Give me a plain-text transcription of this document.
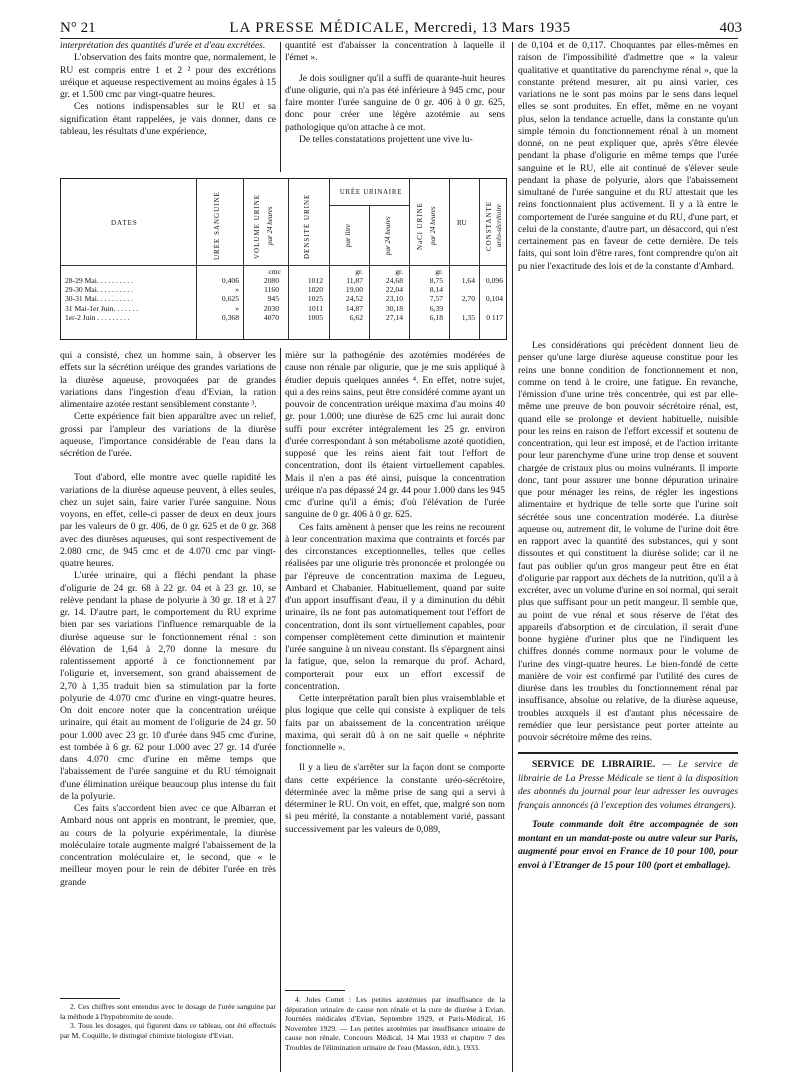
N° 21	LA PRESSE MÉDICALE, Mercredi, 13 Mars 1935	403

interprétation des quantités d'urée et d'eau excrétées.

L'observation des faits montre que, normalement, le RU est compris entre 1 et 2 ² pour des excrétions uréique et aqueuse respectivement au moins égales à 15 gr. et 1.500 cmc par vingt-quatre heures.

Ces notions indispensables sur le RU et sa signification étant rappelées, je vais donner, dans ce tableau, les résultats d'une expérience,

quantité est d'abaisser la concentration à laquelle il l'émet ».

Je dois souligner qu'il a suffi de quarante-huit heures d'une oligurie, qui n'a pas été inférieure à 945 cmc, pour faire monter l'urée sanguine de 0 gr. 406 à 0 gr. 625, donc pour créer une légère azotémie au sens pathologique qu'on attache à ce mot.

De telles constatations projettent une vive lu-

de 0,104 et de 0,117. Choquantes par elles-mêmes en raison de l'impossibilité d'admettre que « la valeur qualitative et quantitative du parenchyme rénal », que la constante prétend mesurer, ait pu ainsi varier, ces variations ne le sont pas moins par le sens dans lequel elles se sont produites. En effet, même en ne voyant plus, selon la tendance actuelle, dans la constante qu'un simple témoin du fonctionnement rénal à un moment donné, on ne peut expliquer que, après s'être élevée pendant la phase d'oligurie en même temps que l'urée sanguine et le RU, elle ait continué de s'élever seule pendant la phase de polyurie, alors que l'abaissement simultané de l'urée sanguine et du RU attestait que les reins fonctionnaient plus activement. Il y a là entre le comportement de l'urée sanguine et du RU, d'une part, et celui de la constante, d'autre part, un désaccord, qui n'est certainement pas en faveur de cette dernière. De tels faits, qui sont loin d'être rares, font comprendre qu'on ait pu nier l'exactitude des lois et de la constante d'Ambard.

DATES	URÉE SANGUINE	VOLUME URINE par 24 heures	DENSITÉ URINE
URÉE URINAIRE
par litre	par 24 heures	NaCl URINE par 24 heures	RU	CONSTANTE uréo-sécrétoire
cmc	gr.	gr.	gr.
28-29 Mai. . . . . . . . . .	0,406	2080	1012	11,87	24,68	8,75	1,64	0,096
29-30 Mai. . . . . . . . . .	»	1160	1020	19,00	22,04	8,14
30-31 Mai. . . . . . . . . .	0,625	945	1025	24,52	23,10	7,57	2,70	0,104
31 Mai-1er Juin. . . . . . .	»	2030	1011	14,87	30,18	6,39
1er-2 Juin . . . . . . . . .	0,368	4070	1005	6,62	27,14	6,18	1,35	0 117

qui a consisté, chez un homme sain, à observer les effets sur la sécrétion uréique des grandes variations de la diurèse aqueuse, provoquées par de grandes variations dans l'ingestion d'eau d'Evian, la ration alimentaire azotée restant sensiblement constante ³.

Cette expérience fait bien apparaître avec un relief, grossi par l'ampleur des variations de la diurèse aqueuse, l'importance considérable de l'eau dans la sécrétion de l'urée.

Tout d'abord, elle montre avec quelle rapidité les variations de la diurèse aqueuse peuvent, à elles seules, chez un sujet sain, faire varier l'urée sanguine. Nous voyons, en effet, celle-ci passer de deux en deux jours par les valeurs de 0 gr. 406, de 0 gr. 625 et de 0 gr. 368 avec des diurèses aqueuses, qui sont respectivement de 2.080 cmc, de 945 cmc et de 4.070 cmc par vingt-quatre heures.

L'urée urinaire, qui a fléchi pendant la phase d'oligurie de 24 gr. 68 à 22 gr. 04 et à 23 gr. 10, se relève pendant la phase de polyurie à 30 gr. 18 et à 27 gr. 14. D'autre part, le comportement du RU exprime bien par ses variations l'influence remarquable de la diurèse aqueuse sur le fonctionnement rénal : son élévation de 1,64 à 2,70 donne la mesure du ralentissement apporté à ce fonctionnement par l'oligurie et, inversement, son grand abaissement de 2,70 à 1,35 traduit bien sa stimulation par la forte polyurie de 4.070 cmc d'urine en vingt-quatre heures. On doit encore noter que la concentration uréique urinaire, qui était au moment de l'oligurie de 24 gr. 50 pour 1.000 avec 23 gr. 10 d'urée dans 945 cmc d'urine, est tombée à 6 gr. 62 pour 1.000 avec 27 gr. 14 d'urée dans 4.070 cmc d'urine en même temps que l'abaissement de l'urée sanguine et du RU témoignait d'une élimination uréique beaucoup plus intense du fait de la polyurie.

Ces faits s'accordent bien avec ce que Albarran et Ambard nous ont appris en montrant, le premier, que, au cours de la polyurie expérimentale, la diurèse moléculaire totale augmente malgré l'abaissement de la concentration moléculaire et, le second, que « le meilleur moyen pour le rein de débiter l'urée en très grande

mière sur la pathogénie des azotémies modérées de cause non rénale par oligurie, que je me suis appliqué à étudier depuis quelques années ⁴. En effet, notre sujet, qui a des reins sains, peut être considéré comme ayant un pouvoir de concentration uréique maxima d'au moins 40 gr. pour 1.000; une diurèse de 625 cmc lui aurait donc suffi pour excréter intégralement les 25 gr. environ d'urée correspondant à son métabolisme azoté quotidien, supposé que les reins aient fait tout l'effort de concentration, dont ils étaient virtuellement capables. Mais il n'en a pas été ainsi, puisque la concentration uréique n'a pas dépassé 24 gr. 44 pour 1.000 dans les 945 cmc d'urine qu'il a émis; d'où l'élévation de l'urée sanguine de 0 gr. 406 à 0 gr. 625.

Ces faits amènent à penser que les reins ne recourent à leur concentration maxima que contraints et forcés par des circonstances exceptionnelles, telles que celles réalisées par une oligurie très prononcée et prolongée ou par l'épreuve de concentration maxima de Legueu, Ambard et Chabanier. Habituellement, quand par suite d'un apport insuffisant d'eau, il y a diminution du débit urinaire, ils ne font pas automatiquement tout l'effort de concentration, dont ils sont virtuellement capables, pour compenser complètement cette diminution et maintenir l'urée sanguine à un niveau constant. Ils s'épargnent ainsi la fatigue, que, selon la remarque du prof. Achard, comporterait pour eux un effort excessif de concentration.

Cette interprétation paraît bien plus vraisemblable et plus logique que celle qui consiste à expliquer de tels faits par un abaissement de la concentration uréique maxima, qui serait dû à on ne sait quelle « néphrite fonctionnelle ».

Il y a lieu de s'arrêter sur la façon dont se comporte dans cette expérience la constante uréo-sécrétoire, déterminée avec la même prise de sang qui a servi à déterminer le RU. On voit, en effet, que, malgré son nom si peu mérité, la constante a notablement varié, passant successivement par les valeurs de 0,089,

Les considérations qui précèdent donnent lieu de penser qu'une large diurèse aqueuse constitue pour les reins une bonne condition de fonctionnement et non, comme on tend à le croire, une fatigue. En revanche, l'émission d'une urine très concentrée, qui est par elle-même une preuve de bon pouvoir sécrétoire rénal, est, quand elle se prolonge et devient habituelle, nuisible pour les reins en raison de l'effort excessif et soutenu de concentration, qui leur est imposé, et de l'action irritante pour leur parenchyme d'une urine trop dense et souvent chargée de cristaux plus ou moins vulnérants. Il importe donc, tant pour assurer une bonne dépuration urinaire que pour ménager les reins, de régler les ingestions alimentaire et hydrique de telle sorte que l'urine soit sécrétée sous une concentration modérée. La diurèse aqueuse ou, autrement dit, le volume de l'urine doit être en rapport avec la quantité des substances, qui y sont dissoutes et qui constituent la diurèse solide; car il ne faut pas oublier qu'un gros mangeur peut être en état d'oligurie par rapport aux déchets de la nutrition, qu'il a à excréter, avec un volume d'urine en soi normal, qui serait plus que suffisant pour un petit mangeur. Il semble que, au point de vue rénal et sous réserve de l'état des appareils d'absorption et de circulation, il serait d'une bonne hygiène d'uriner plus que ne l'indiquent les chiffres donnés comme normaux pour le volume de l'urine des vingt-quatre heures. Le bien-fondé de cette manière de voir est confirmé par l'utilité des cures de diurèse dans les troubles du fonctionnement rénal par insuffisance, absolue ou relative, de la diurèse aqueuse, troubles auxquels il est d'autant plus nécessaire de remédier que leur persistance peut porter atteinte au pouvoir sécrétoire même des reins.

2. Ces chiffres sont entendus avec le dosage de l'urée sanguine par la méthode à l'hypobromite de soude.

3. Tous les dosages, qui figurent dans ce tableau, ont été effectués par M. Coquille, le distingué chimiste biologiste d'Evian.

4. Jules Cottet : Les petites azotémies par insuffisance de la dépuration urinaire de cause non rénale et la cure de diurèse à Evian. Journées médicales d'Evian, Septembre 1929, et Paris-Médical, 16 Novembre 1929. — Les petites azotémies par insuffisance urinaire de cause non rénale. Concours Médical, 14 Mai 1933 et chapitre 7 des Troubles de l'élimination urinaire de l'eau (Masson, édit.), 1933.

SERVICE DE LIBRAIRIE. — Le service de librairie de La Presse Médicale se tient à la disposition des abonnés du journal pour leur adresser les ouvrages français annoncés (à l'exception des volumes étrangers).

Toute commande doit être accompagnée de son montant en un mandat-poste ou autre valeur sur Paris, augmenté pour envoi en France de 10 pour 100, pour envoi à l'Etranger de 15 pour 100 (port et emballage).
